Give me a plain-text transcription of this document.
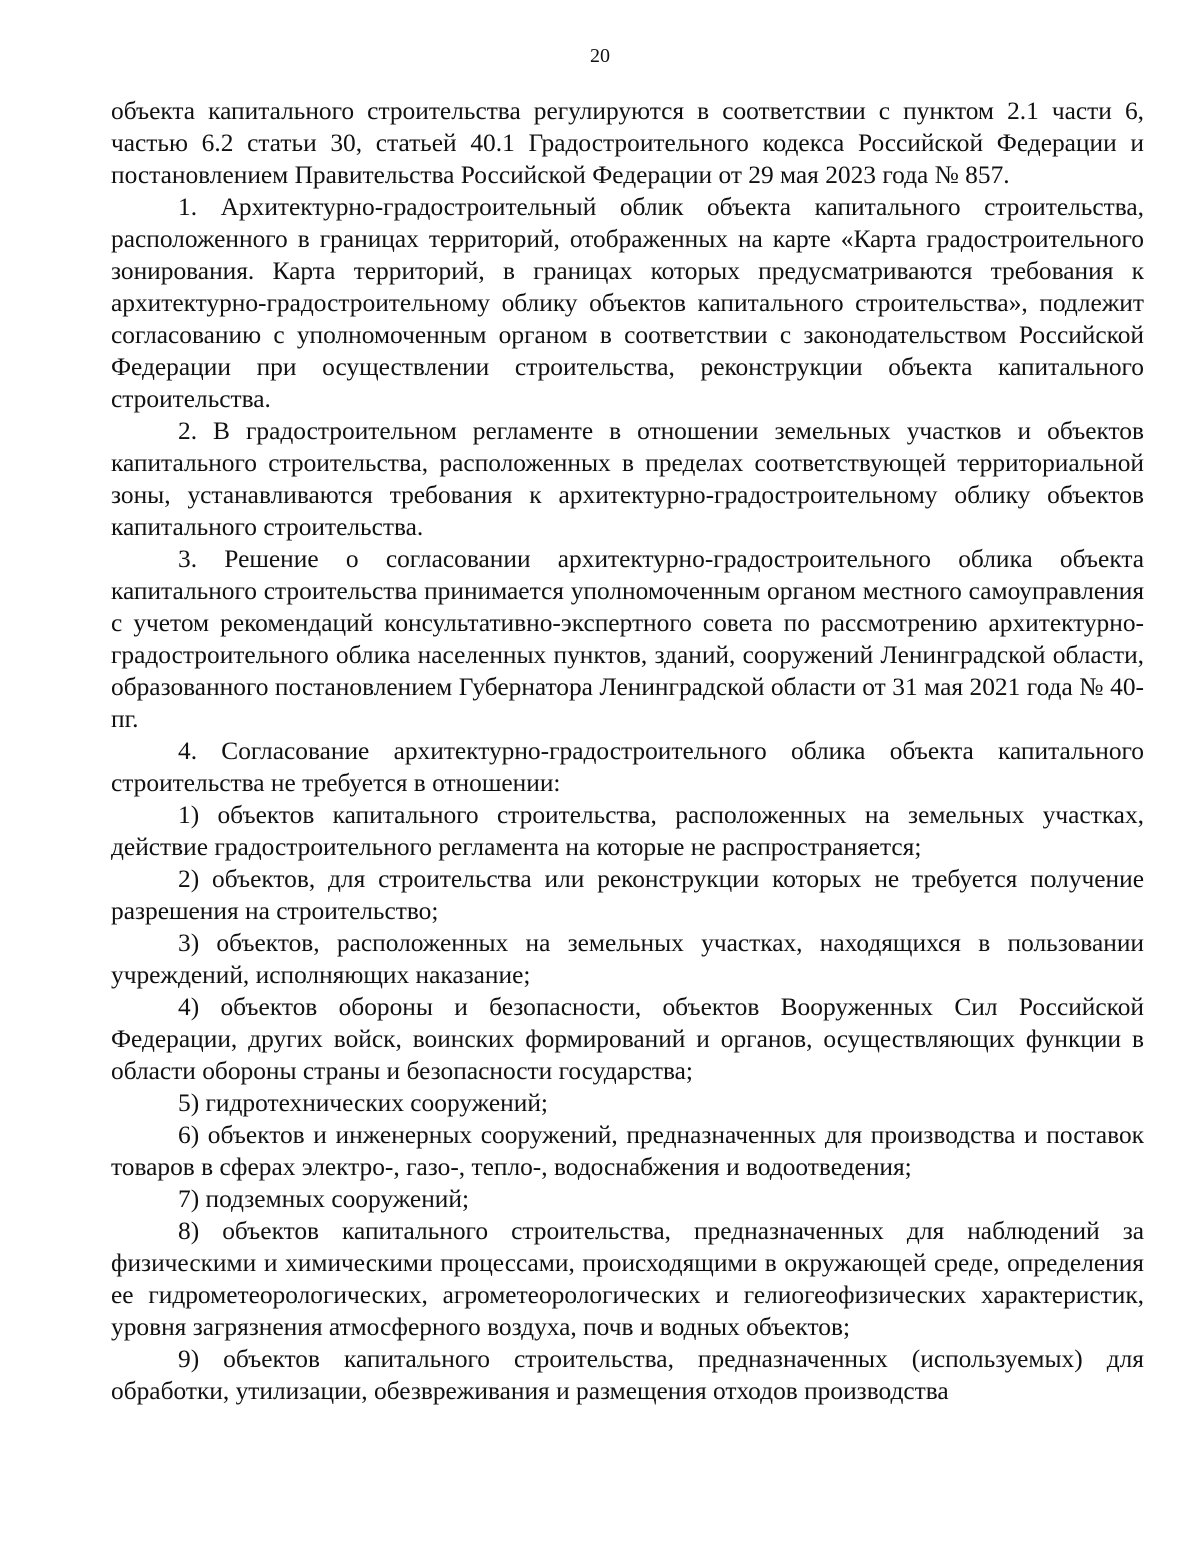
20

объекта капитального строительства регулируются в соответствии с пунктом 2.1 части 6, частью 6.2 статьи 30, статьей 40.1 Градостроительного кодекса Российской Федерации и постановлением Правительства Российской Федерации от 29 мая 2023 года № 857.

1. Архитектурно-градостроительный облик объекта капитального строительства, расположенного в границах территорий, отображенных на карте «Карта градостроительного зонирования. Карта территорий, в границах которых предусматриваются требования к архитектурно-градостроительному облику объектов капитального строительства», подлежит согласованию с уполномоченным органом в соответствии с законодательством Российской Федерации при осуществлении строительства, реконструкции объекта капитального строительства.

2. В градостроительном регламенте в отношении земельных участков и объектов капитального строительства, расположенных в пределах соответствующей территориальной зоны, устанавливаются требования к архитектурно-градостроительному облику объектов капитального строительства.

3. Решение о согласовании архитектурно-градостроительного облика объекта капитального строительства принимается уполномоченным органом местного самоуправления с учетом рекомендаций консультативно-экспертного совета по рассмотрению архитектурно-градостроительного облика населенных пунктов, зданий, сооружений Ленинградской области, образованного постановлением Губернатора Ленинградской области от 31 мая 2021 года № 40-пг.

4. Согласование архитектурно-градостроительного облика объекта капитального строительства не требуется в отношении:

1) объектов капитального строительства, расположенных на земельных участках, действие градостроительного регламента на которые не распространяется;

2) объектов, для строительства или реконструкции которых не требуется получение разрешения на строительство;

3) объектов, расположенных на земельных участках, находящихся в пользовании учреждений, исполняющих наказание;

4) объектов обороны и безопасности, объектов Вооруженных Сил Российской Федерации, других войск, воинских формирований и органов, осуществляющих функции в области обороны страны и безопасности государства;

5) гидротехнических сооружений;

6) объектов и инженерных сооружений, предназначенных для производства и поставок товаров в сферах электро-, газо-, тепло-, водоснабжения и водоотведения;

7) подземных сооружений;

8) объектов капитального строительства, предназначенных для наблюдений за физическими и химическими процессами, происходящими в окружающей среде, определения ее гидрометеорологических, агрометеорологических и гелиогеофизических характеристик, уровня загрязнения атмосферного воздуха, почв и водных объектов;

9) объектов капитального строительства, предназначенных (используемых) для обработки, утилизации, обезвреживания и размещения отходов производства
